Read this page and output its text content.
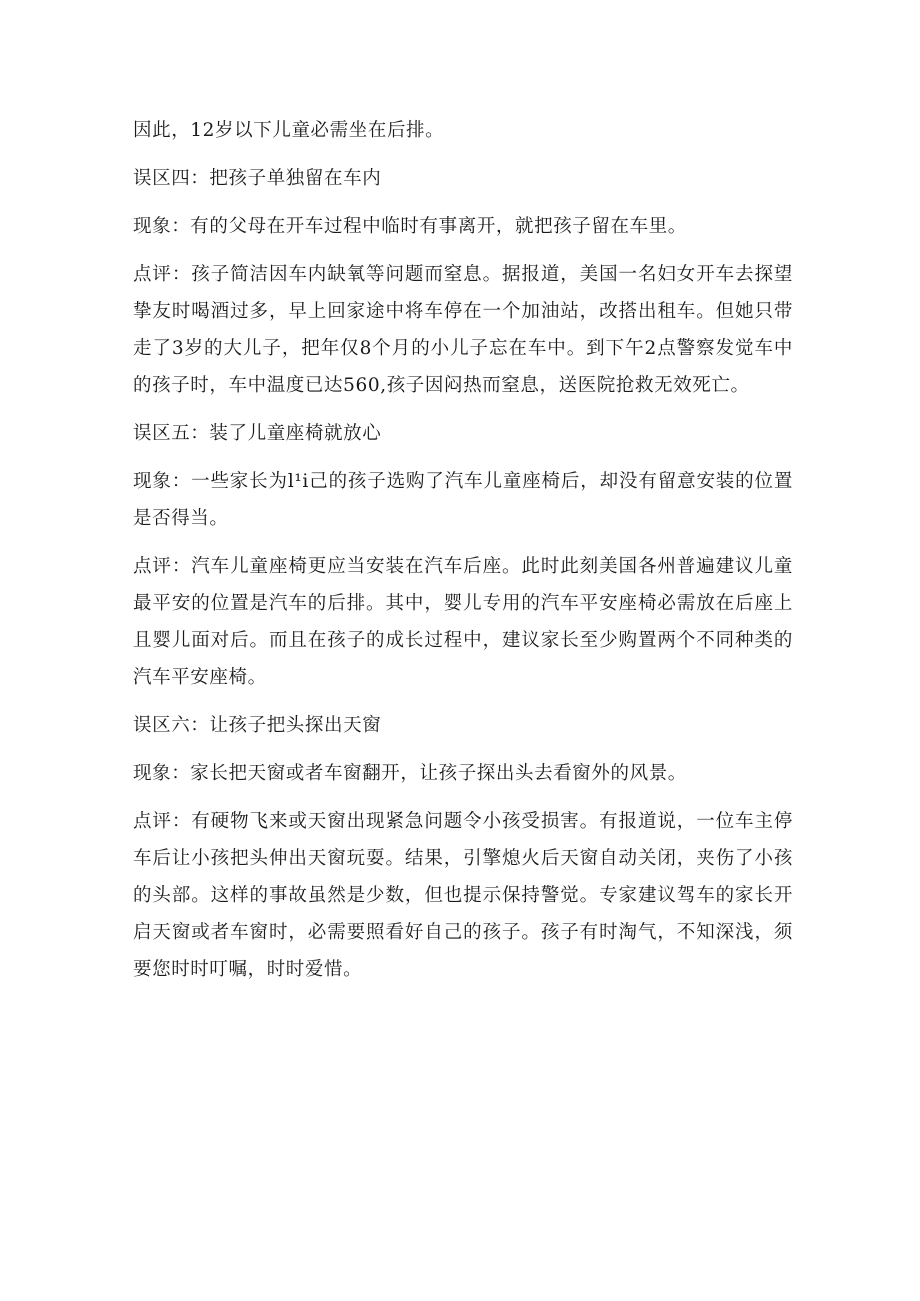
因此，12岁以下儿童必需坐在后排。

误区四：把孩子单独留在车内

现象：有的父母在开车过程中临时有事离开，就把孩子留在车里。

点评：孩子简洁因车内缺氧等问题而窒息。据报道，美国一名妇女开车去探望挚友时喝酒过多，早上回家途中将车停在一个加油站，改搭出租车。但她只带走了3岁的大儿子，把年仅8个月的小儿子忘在车中。到下午2点警察发觉车中的孩子时，车中温度已达560,孩子因闷热而窒息，送医院抢救无效死亡。

误区五：装了儿童座椅就放心

现象：一些家长为l¹i己的孩子选购了汽车儿童座椅后，却没有留意安装的位置是否得当。

点评：汽车儿童座椅更应当安装在汽车后座。此时此刻美国各州普遍建议儿童最平安的位置是汽车的后排。其中，婴儿专用的汽车平安座椅必需放在后座上且婴儿面对后。而且在孩子的成长过程中，建议家长至少购置两个不同种类的汽车平安座椅。

误区六：让孩子把头探出天窗

现象：家长把天窗或者车窗翻开，让孩子探出头去看窗外的风景。

点评：有硬物飞来或天窗出现紧急问题令小孩受损害。有报道说，一位车主停车后让小孩把头伸出天窗玩耍。结果，引擎熄火后天窗自动关闭，夹伤了小孩的头部。这样的事故虽然是少数，但也提示保持警觉。专家建议驾车的家长开启天窗或者车窗时，必需要照看好自己的孩子。孩子有时淘气，不知深浅，须要您时时叮嘱，时时爱惜。
